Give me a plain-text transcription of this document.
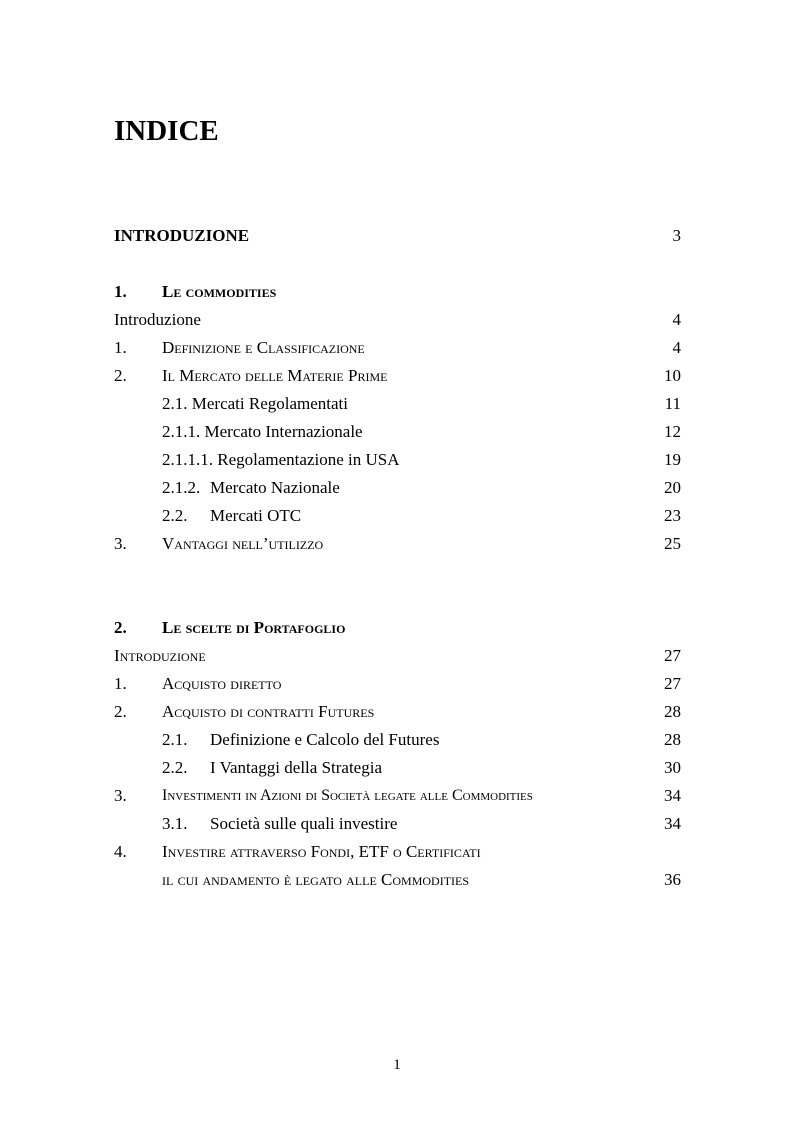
INDICE
INTRODUZIONE	3
1. Le commodities
Introduzione	4
1. Definizione e Classificazione	4
2. Il Mercato delle Materie Prime	10
2.1. Mercati Regolamentati	11
2.1.1. Mercato Internazionale	12
2.1.1.1. Regolamentazione in USA	19
2.1.2. Mercato Nazionale	20
2.2. Mercati OTC	23
3. Vantaggi nell’utilizzo	25
2. Le scelte di Portafoglio
Introduzione	27
1. Acquisto diretto	27
2. Acquisto di contratti Futures	28
2.1. Definizione e Calcolo del Futures	28
2.2. I Vantaggi della Strategia	30
3. Investimenti in Azioni di Società legate alle Commodities	34
3.1. Società sulle quali investire	34
4. Investire attraverso Fondi, ETF o Certificati
il cui andamento è legato alle Commodities	36
1
